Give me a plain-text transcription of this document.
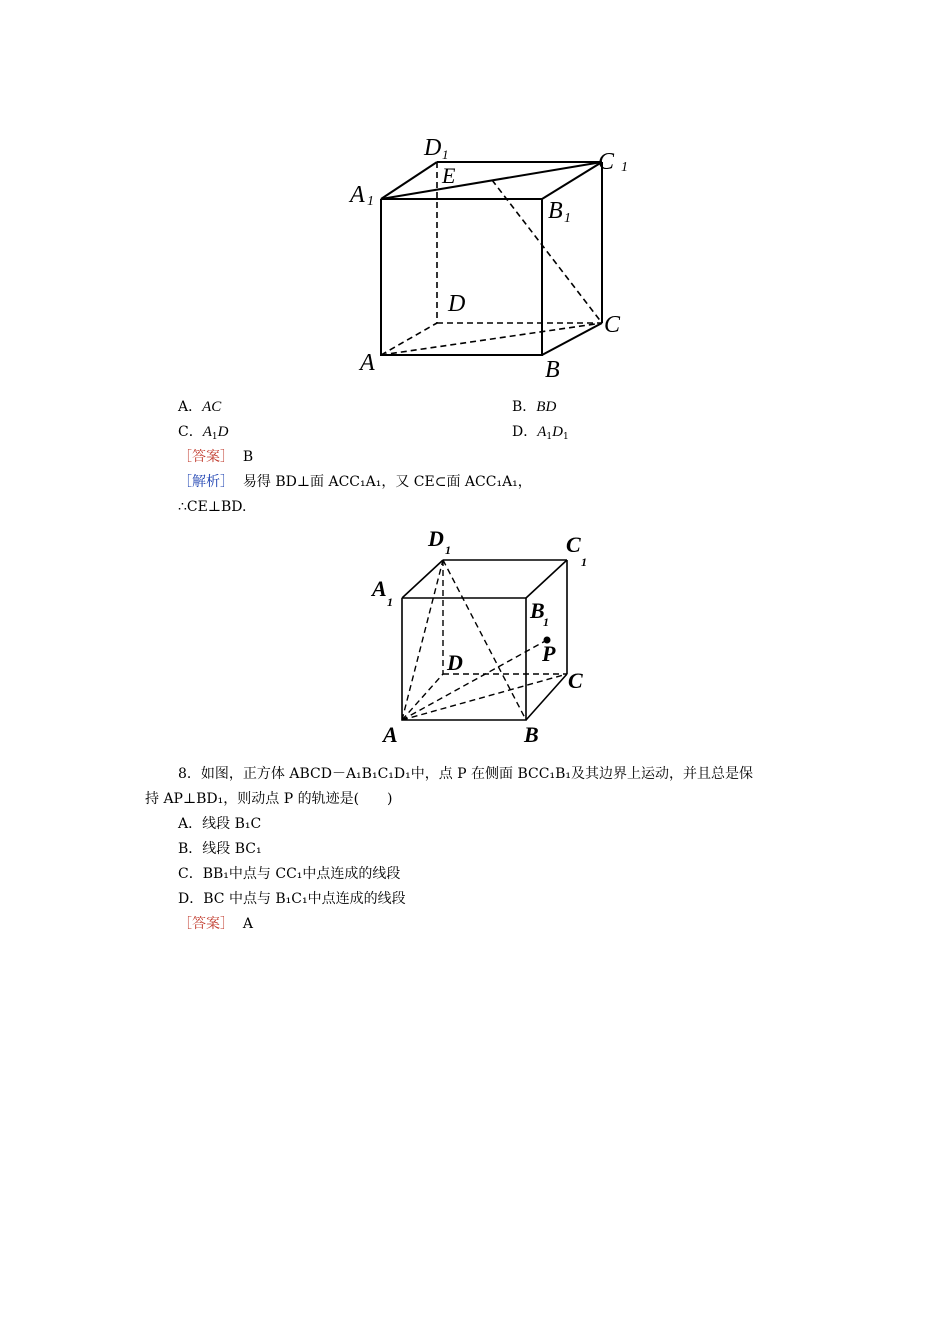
D 1	C 1
A 1	B 1
E
D
C
A	B
A．AC	B．BD
C．$A_1D$	D．$A_1D_1$
［答案］ B
［解析］ 易得 BD⊥面 ACC₁A₁，又 CE⊂面 ACC₁A₁，
∴CE⊥BD.
D 1	C
1
A
1	B
1
P
D
C
A	B
8．如图，正方体 ABCD－A₁B₁C₁D₁中，点 P 在侧面 BCC₁B₁及其边界上运动，并且总是保
持 AP⊥BD₁，则动点 P 的轨迹是(　　)
A．线段 B₁C
B．线段 BC₁
C．BB₁中点与 CC₁中点连成的线段
D．BC 中点与 B₁C₁中点连成的线段
［答案］ A
